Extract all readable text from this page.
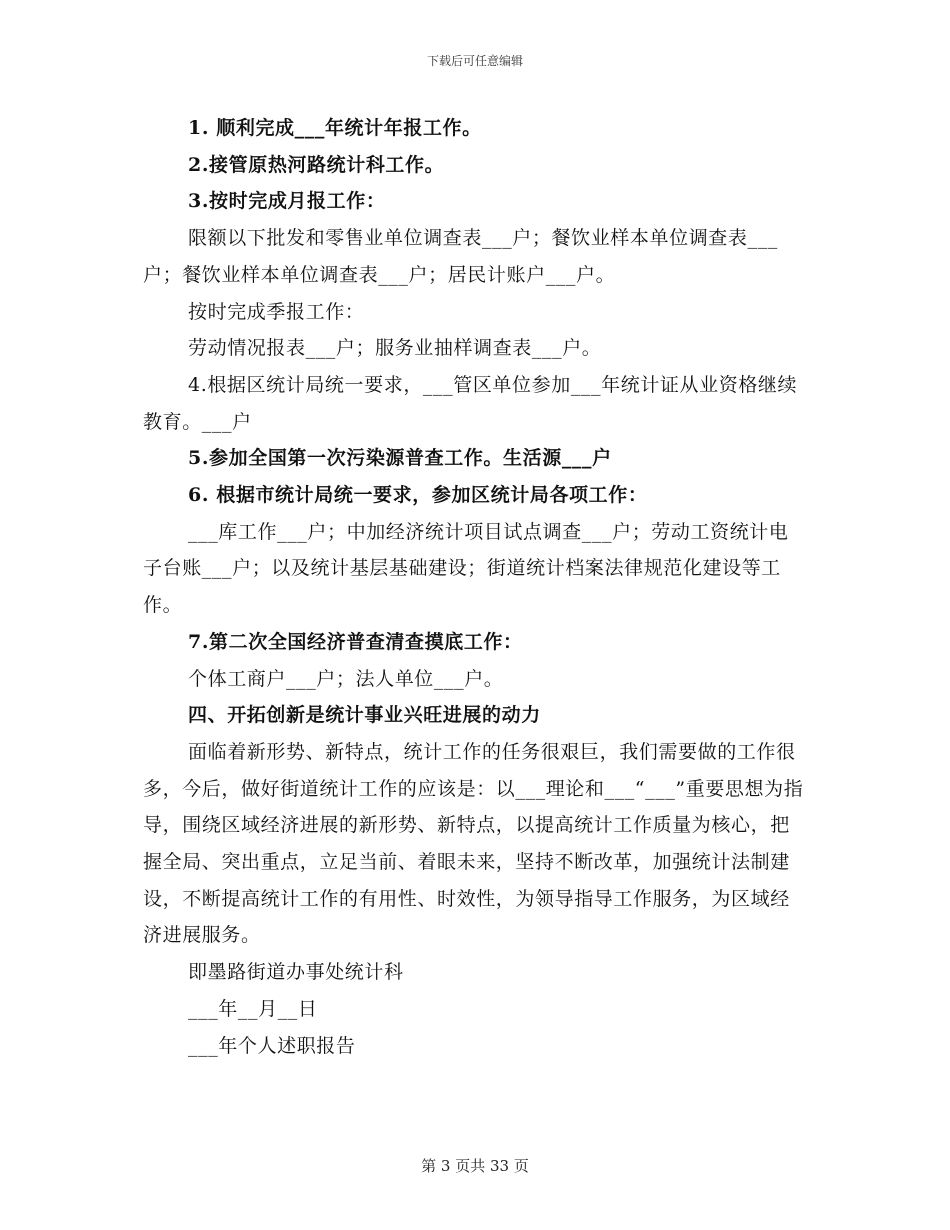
下载后可任意编辑

1. 顺利完成___年统计年报工作。

2.接管原热河路统计科工作。

3.按时完成月报工作：

限额以下批发和零售业单位调查表___户；餐饮业样本单位调查表___户；餐饮业样本单位调查表___户；居民计账户___户。

按时完成季报工作：

劳动情况报表___户；服务业抽样调查表___户。

4.根据区统计局统一要求，___管区单位参加___年统计证从业资格继续教育。___户

5.参加全国第一次污染源普查工作。生活源___户

6. 根据市统计局统一要求，参加区统计局各项工作：

___库工作___户；中加经济统计项目试点调查___户；劳动工资统计电子台账___户；以及统计基层基础建设；街道统计档案法律规范化建设等工作。

7.第二次全国经济普查清查摸底工作：

个体工商户___户；法人单位___户。

四、开拓创新是统计事业兴旺进展的动力

面临着新形势、新特点，统计工作的任务很艰巨，我们需要做的工作很多，今后，做好街道统计工作的应该是：以___理论和___“___”重要思想为指导，围绕区域经济进展的新形势、新特点，以提高统计工作质量为核心，把握全局、突出重点，立足当前、着眼未来，坚持不断改革，加强统计法制建设，不断提高统计工作的有用性、时效性，为领导指导工作服务，为区域经济进展服务。

即墨路街道办事处统计科

___年__月__日

___年个人述职报告

第 3 页共 33 页
